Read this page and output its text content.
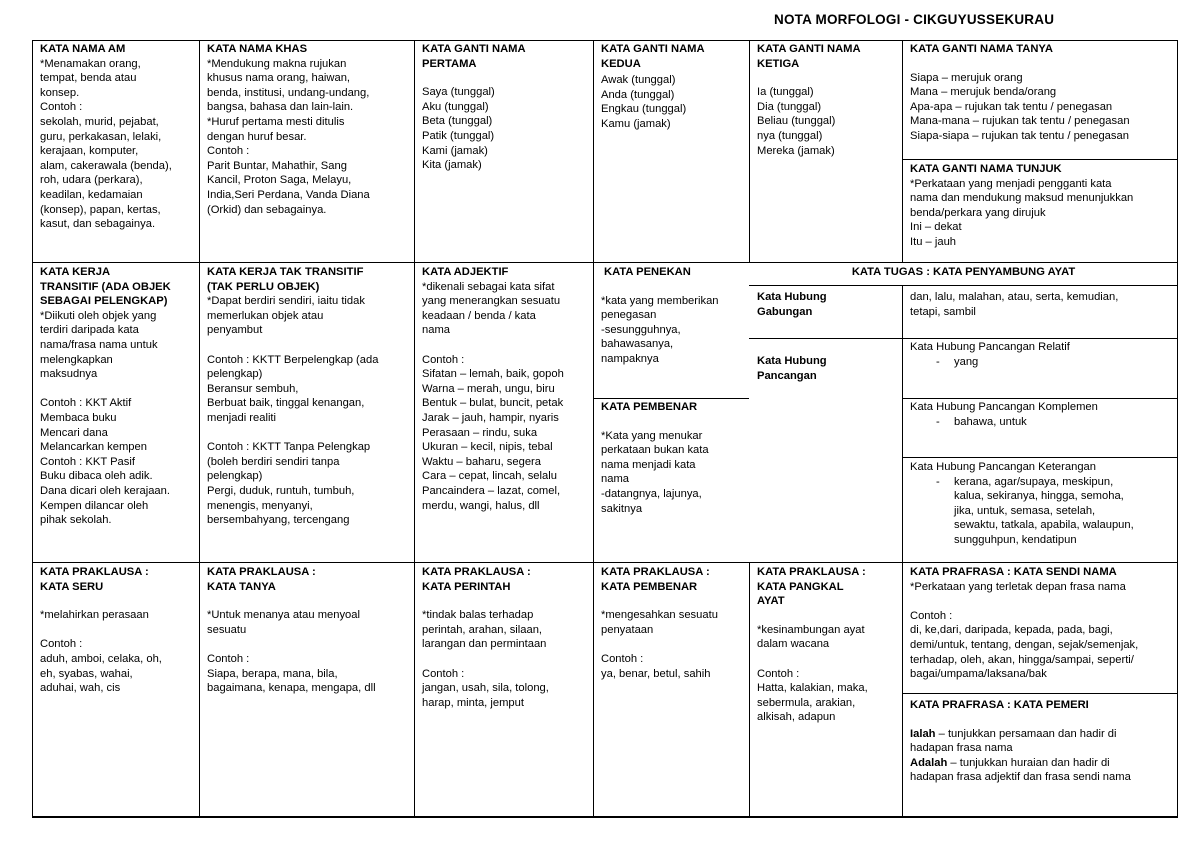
NOTA MORFOLOGI - CIKGUYUSSEKURAU
KATA NAMA AM
*Menamakan orang,
tempat, benda atau
konsep.
Contoh :
sekolah, murid, pejabat,
guru, perkakasan, lelaki,
kerajaan, komputer,
alam, cakerawala (benda),
roh, udara (perkara),
keadilan, kedamaian
(konsep), papan, kertas,
kasut, dan sebagainya.
KATA NAMA KHAS
*Mendukung makna rujukan
khusus nama orang, haiwan,
benda, institusi, undang-undang,
bangsa, bahasa dan lain-lain.
*Huruf pertama mesti ditulis
dengan huruf besar.
Contoh :
Parit Buntar, Mahathir, Sang
Kancil, Proton Saga, Melayu,
India,Seri Perdana, Vanda Diana
(Orkid) dan sebagainya.
KATA GANTI NAMA
PERTAMA
Saya (tunggal)
Aku (tunggal)
Beta (tunggal)
Patik (tunggal)
Kami (jamak)
Kita (jamak)
KATA GANTI NAMA
KEDUA
Awak (tunggal)
Anda (tunggal)
Engkau (tunggal)
Kamu (jamak)
KATA GANTI NAMA
KETIGA
Ia (tunggal)
Dia (tunggal)
Beliau (tunggal)
nya (tunggal)
Mereka (jamak)
KATA GANTI NAMA TANYA
Siapa – merujuk orang
Mana – merujuk benda/orang
Apa-apa – rujukan tak tentu / penegasan
Mana-mana – rujukan tak tentu / penegasan
Siapa-siapa – rujukan tak tentu / penegasan
KATA GANTI NAMA TUNJUK
*Perkataan yang menjadi pengganti kata
nama dan mendukung maksud menunjukkan
benda/perkara yang dirujuk
Ini – dekat
Itu – jauh
KATA KERJA
TRANSITIF (ADA OBJEK
SEBAGAI PELENGKAP)
*Diikuti oleh objek yang
terdiri daripada kata
nama/frasa nama untuk
melengkapkan
maksudnya

Contoh : KKT Aktif
Membaca buku
Mencari dana
Melancarkan kempen
Contoh : KKT Pasif
Buku dibaca oleh adik.
Dana dicari oleh kerajaan.
Kempen dilancar oleh
pihak sekolah.
KATA KERJA TAK TRANSITIF
(TAK PERLU OBJEK)
*Dapat berdiri sendiri, iaitu tidak
memerlukan objek atau
penyambut

Contoh : KKTT Berpelengkap (ada
pelengkap)
Beransur sembuh,
Berbuat baik, tinggal kenangan,
menjadi realiti

Contoh : KKTT Tanpa Pelengkap
(boleh berdiri sendiri tanpa
pelengkap)
Pergi, duduk, runtuh, tumbuh,
menengis, menyanyi,
bersembahyang, tercengang
KATA ADJEKTIF
*dikenali sebagai kata sifat
yang menerangkan sesuatu
keadaan / benda / kata
nama

Contoh :
Sifatan – lemah, baik, gopoh
Warna – merah, ungu, biru
Bentuk – bulat, buncit, petak
Jarak – jauh, hampir, nyaris
Perasaan – rindu, suka
Ukuran – kecil, nipis, tebal
Waktu – baharu, segera
Cara – cepat, lincah, selalu
Pancaindera – lazat, comel,
merdu, wangi, halus, dll
KATA PENEKAN
*kata yang memberikan
penegasan
-sesungguhnya,
bahawasanya,
nampaknya
KATA PEMBENAR
*Kata yang menukar
perkataan bukan kata
nama menjadi kata
nama
-datangnya, lajunya,
sakitnya
KATA TUGAS : KATA PENYAMBUNG AYAT
Kata Hubung
Gabungan
dan, lalu, malahan, atau, serta, kemudian,
tetapi, sambil
Kata Hubung
Pancangan
Kata Hubung Pancangan Relatif
- yang
Kata Hubung Pancangan Komplemen
- bahawa, untuk
Kata Hubung Pancangan Keterangan
- kerana, agar/supaya, meskipun,
kalua, sekiranya, hingga, semoha,
jika, untuk, semasa, setelah,
sewaktu, tatkala, apabila, walaupun,
sungguhpun, kendatipun
KATA PRAKLAUSA :
KATA SERU
*melahirkan perasaan

Contoh :
aduh, amboi, celaka, oh,
eh, syabas, wahai,
aduhai, wah, cis
KATA PRAKLAUSA :
KATA TANYA
*Untuk menanya atau menyoal
sesuatu

Contoh :
Siapa, berapa, mana, bila,
bagaimana, kenapa, mengapa, dll
KATA PRAKLAUSA :
KATA PERINTAH
*tindak balas terhadap
perintah, arahan, silaan,
larangan dan permintaan

Contoh :
jangan, usah, sila, tolong,
harap, minta, jemput
KATA PRAKLAUSA :
KATA PEMBENAR
*mengesahkan sesuatu
penyataan

Contoh :
ya, benar, betul, sahih
KATA PRAKLAUSA :
KATA PANGKAL
AYAT
*kesinambungan ayat
dalam wacana

Contoh :
Hatta, kalakian, maka,
sebermula, arakian,
alkisah, adapun
KATA PRAFRASA : KATA SENDI NAMA
*Perkataan yang terletak depan frasa nama

Contoh :
di, ke,dari, daripada, kepada, pada, bagi,
demi/untuk, tentang, dengan, sejak/semenjak,
terhadap, oleh, akan, hingga/sampai, seperti/
bagai/umpama/laksana/bak
KATA PRAFRASA : KATA PEMERI
Ialah – tunjukkan persamaan dan hadir di
hadapan frasa nama
Adalah – tunjukkan huraian dan hadir di
hadapan frasa adjektif dan frasa sendi nama
